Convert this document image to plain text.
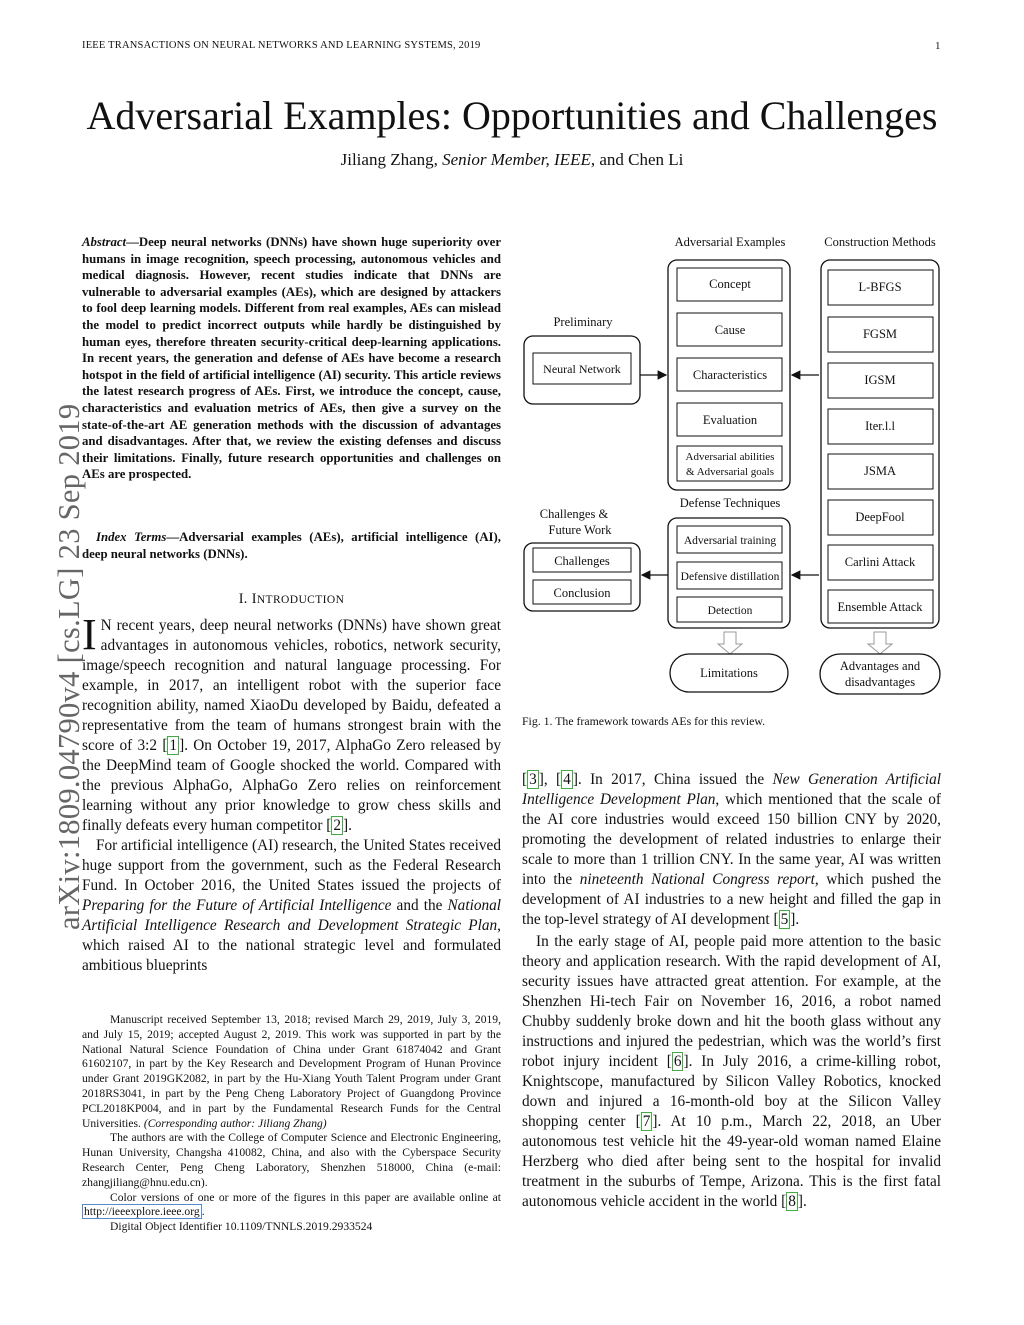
IEEE TRANSACTIONS ON NEURAL NETWORKS AND LEARNING SYSTEMS, 2019	1
Adversarial Examples: Opportunities and Challenges
Jiliang Zhang, Senior Member, IEEE, and Chen Li
arXiv:1809.04790v4 [cs.LG] 23 Sep 2019
Abstract—Deep neural networks (DNNs) have shown huge superiority over humans in image recognition, speech processing, autonomous vehicles and medical diagnosis. However, recent studies indicate that DNNs are vulnerable to adversarial examples (AEs), which are designed by attackers to fool deep learning models. Different from real examples, AEs can mislead the model to predict incorrect outputs while hardly be distinguished by human eyes, therefore threaten security-critical deep-learning applications. In recent years, the generation and defense of AEs have become a research hotspot in the field of artificial intelligence (AI) security. This article reviews the latest research progress of AEs. First, we introduce the concept, cause, characteristics and evaluation metrics of AEs, then give a survey on the state-of-the-art AE generation methods with the discussion of advantages and disadvantages. After that, we review the existing defenses and discuss their limitations. Finally, future research opportunities and challenges on AEs are prospected.
Index Terms—Adversarial examples (AEs), artificial intelligence (AI), deep neural networks (DNNs).
I. INTRODUCTION

I N recent years, deep neural networks (DNNs) have shown great advantages in autonomous vehicles, robotics, network security, image/speech recognition and natural language processing. For example, in 2017, an intelligent robot with the superior face recognition ability, named XiaoDu developed by Baidu, defeated a representative from the team of humans strongest brain with the score of 3:2 [ 1 ]. On October 19, 2017, AlphaGo Zero released by the DeepMind team of Google shocked the world. Compared with the previous AlphaGo, AlphaGo Zero relies on reinforcement learning without any prior knowledge to grow chess skills and finally defeats every human competitor [ 2 ].

For artificial intelligence (AI) research, the United States received huge support from the government, such as the Federal Research Fund. In October 2016, the United States issued the projects of Preparing for the Future of Artificial Intelligence and the National Artificial Intelligence Research and Development Strategic Plan, which raised AI to the national strategic level and formulated ambitious blueprints

Manuscript received September 13, 2018; revised March 29, 2019, July 3, 2019, and July 15, 2019; accepted August 2, 2019. This work was supported in part by the National Natural Science Foundation of China under Grant 61874042 and Grant 61602107, in part by the Key Research and Development Program of Hunan Province under Grant 2019GK2082, in part by the Hu-Xiang Youth Talent Program under Grant 2018RS3041, in part by the Peng Cheng Laboratory Project of Guangdong Province PCL2018KP004, and in part by the Fundamental Research Funds for the Central Universities. (Corresponding author: Jiliang Zhang)

The authors are with the College of Computer Science and Electronic Engineering, Hunan University, Changsha 410082, China, and also with the Cyberspace Security Research Center, Peng Cheng Laboratory, Shenzhen 518000, China (e-mail: zhangjiliang@hnu.edu.cn).

Color versions of one or more of the figures in this paper are available online at http://ieeexplore.ieee.org .

Digital Object Identifier 10.1109/TNNLS.2019.2933524

Adversarial Examples	Construction Methods
Preliminary
Defense Techniques
Challenges &
Future Work
Concept
Cause
Characteristics
Evaluation
Adversarial abilities
& Adversarial goals
L-BFGS
FGSM
IGSM
Iter.l.l
JSMA
DeepFool
Carlini Attack
Ensemble Attack
Neural Network
Adversarial training
Defensive distillation
Detection
Challenges
Conclusion
Limitations	Advantages and
disadvantages
Fig. 1. The framework towards AEs for this review.

[ 3 ], [ 4 ]. In 2017, China issued the New Generation Artificial Intelligence Development Plan, which mentioned that the scale of the AI core industries would exceed 150 billion CNY by 2020, promoting the development of related industries to enlarge their scale to more than 1 trillion CNY. In the same year, AI was written into the nineteenth National Congress report, which pushed the development of AI industries to a new height and filled the gap in the top-level strategy of AI development [ 5 ].

In the early stage of AI, people paid more attention to the basic theory and application research. With the rapid development of AI, security issues have attracted great attention. For example, at the Shenzhen Hi-tech Fair on November 16, 2016, a robot named Chubby suddenly broke down and hit the booth glass without any instructions and injured the pedestrian, which was the world’s first robot injury incident [ 6 ]. In July 2016, a crime-killing robot, Knightscope, manufactured by Silicon Valley Robotics, knocked down and injured a 16-month-old boy at the Silicon Valley shopping center [ 7 ]. At 10 p.m., March 22, 2018, an Uber autonomous test vehicle hit the 49-year-old woman named Elaine Herzberg who died after being sent to the hospital for invalid treatment in the suburbs of Tempe, Arizona. This is the first fatal autonomous vehicle accident in the world [ 8 ].
